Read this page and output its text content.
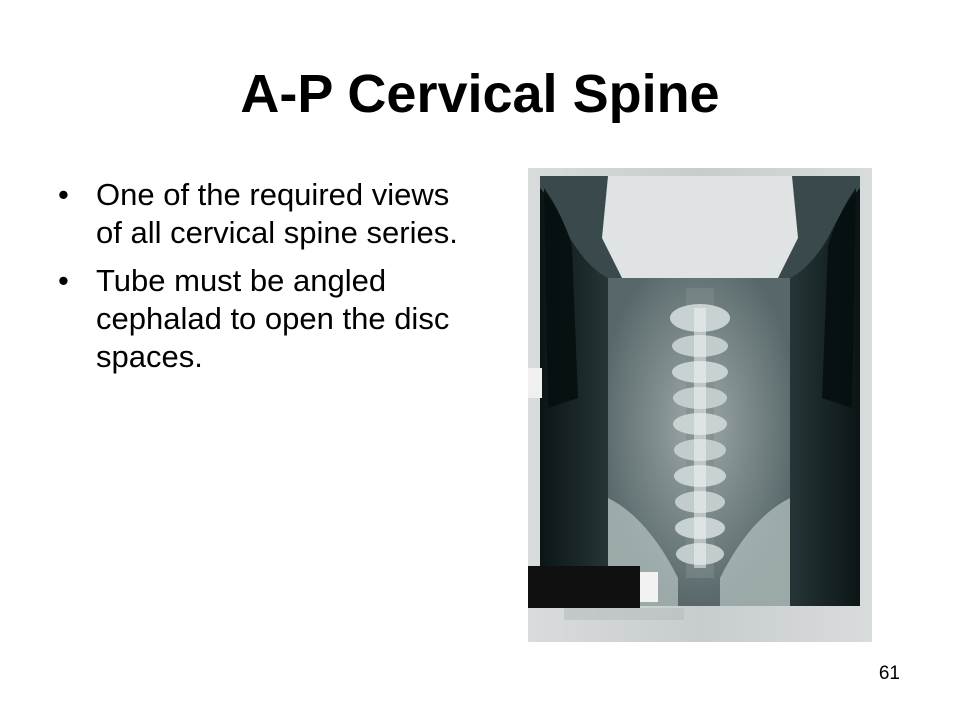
A-P Cervical Spine
• One of the required views of all cervical spine series.
• Tube must be angled cephalad to open the disc spaces.
61
